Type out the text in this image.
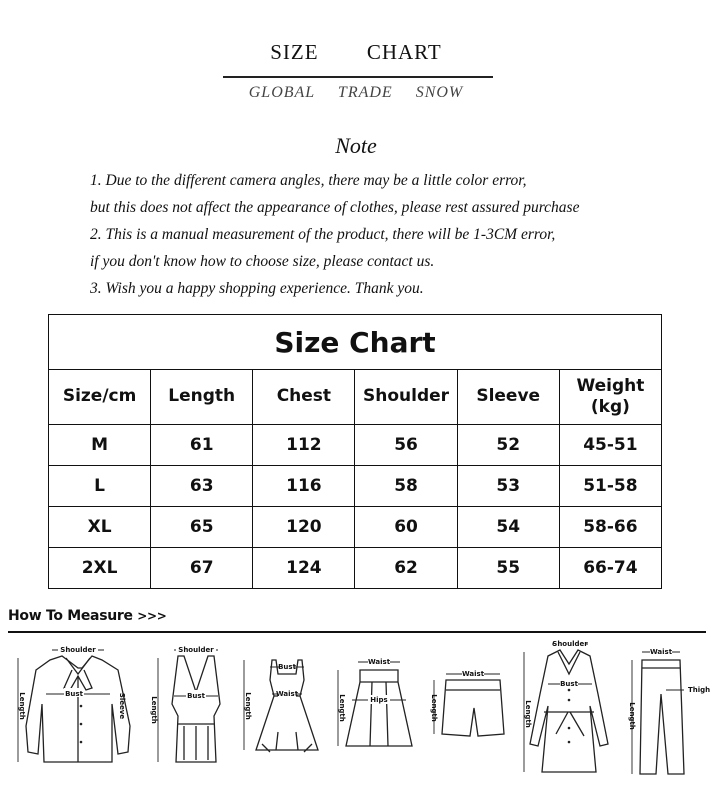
SIZE CHART
GLOBAL TRADE SNOW
Note
1. Due to the different camera angles, there may be a little color error,
but this does not affect the appearance of clothes, please rest assured purchase
2. This is a manual measurement of the product, there will be 1-3CM error,
if you don't know how to choose size, please contact us.
3. Wish you a happy shopping experience. Thank you.
Size Chart					
Size/cm	Length	Chest	Shoulder	Sleeve	Weight (kg)
M	61	112	56	52	45-51
L	63	116	58	53	51-58
XL	65	120	60	54	58-66
2XL	67	124	62	55	66-74
How To Measure >>>
Shoulder
Bust
Length	Sleeve
Shoulder
Bust
Length
Bust
Waist
Length
Waist
Hips
Length
Waist
Length
Shoulder
Bust
Length
Waist
Thigh
Length
